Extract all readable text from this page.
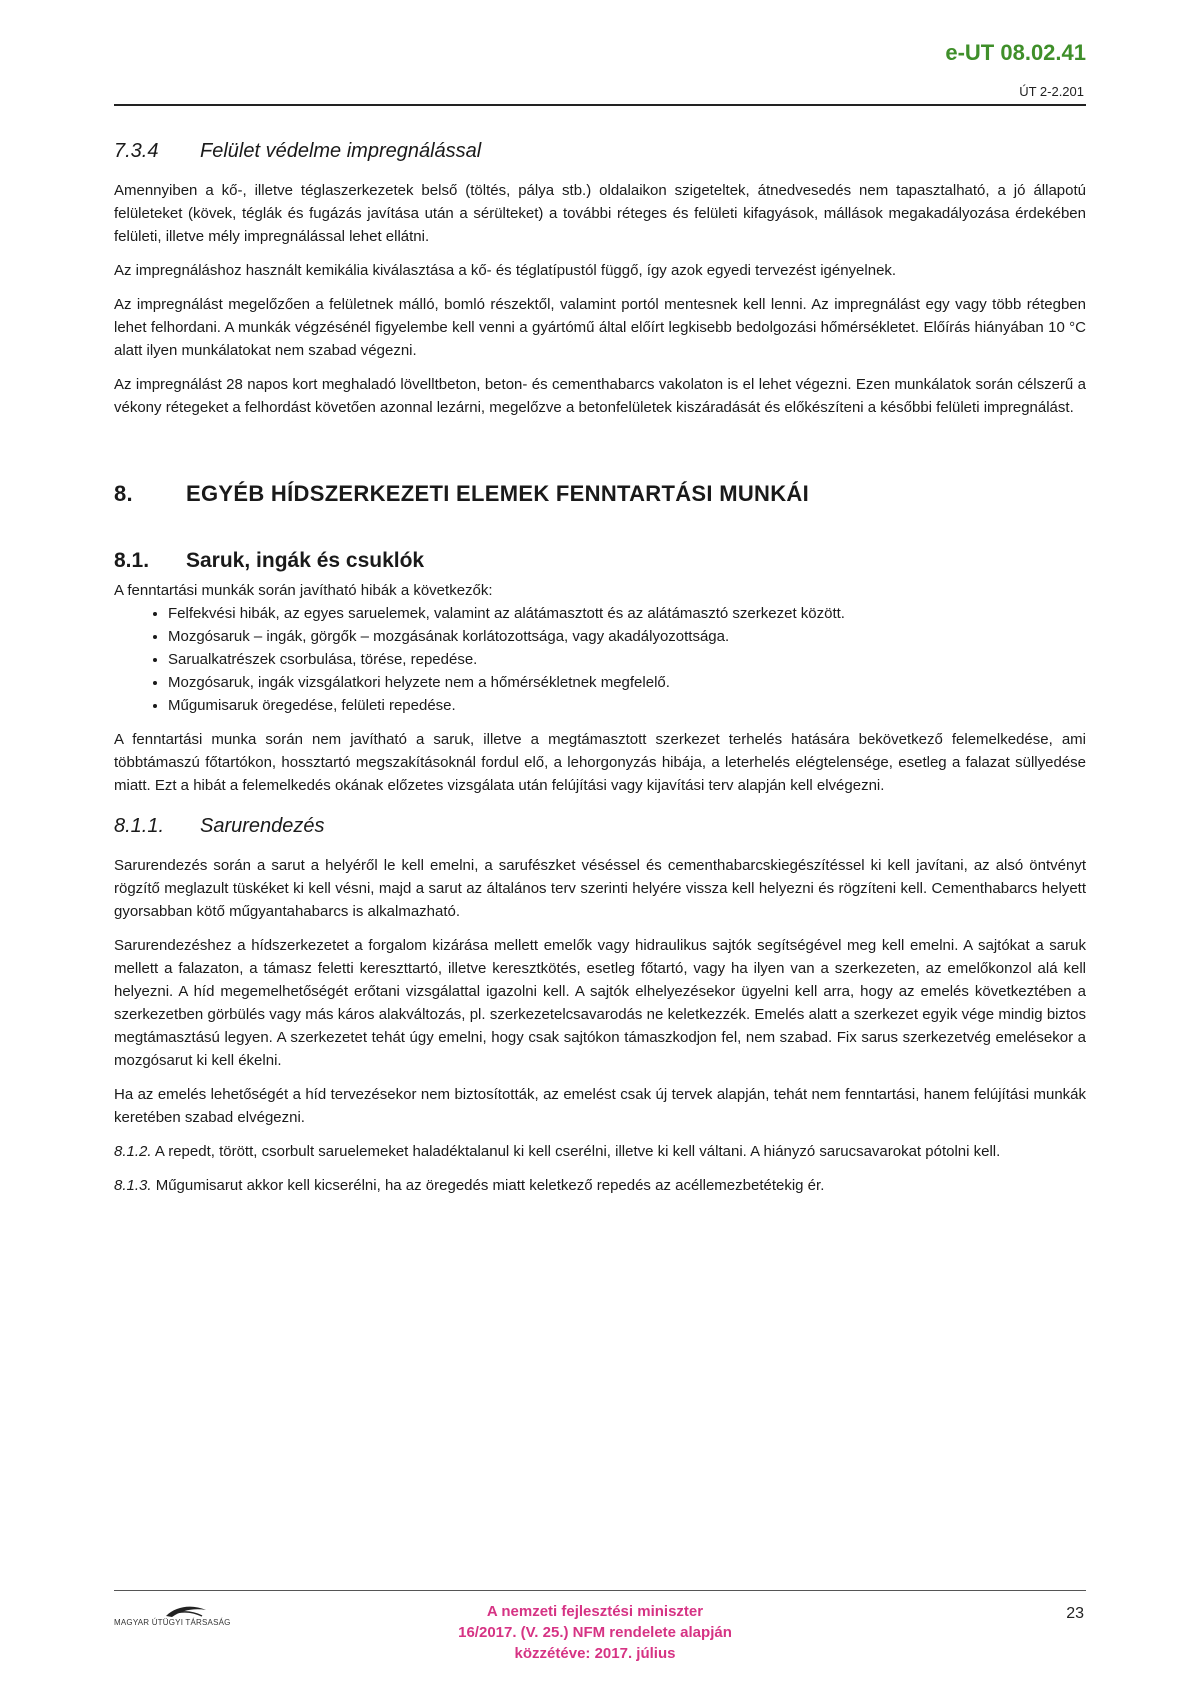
e-UT 08.02.41
ÚT 2-2.201
7.3.4	Felület védelme impregnálással

Amennyiben a kő-, illetve téglaszerkezetek belső (töltés, pálya stb.) oldalaikon szigeteltek, átnedvesedés nem tapasztalható, a jó állapotú felületeket (kövek, téglák és fugázás javítása után a sérülteket) a további réteges és felületi kifagyások, mállások megakadályozása érdekében felületi, illetve mély impregnálással lehet ellátni.

Az impregnáláshoz használt kemikália kiválasztása a kő- és téglatípustól függő, így azok egyedi tervezést igényelnek.

Az impregnálást megelőzően a felületnek málló, bomló részektől, valamint portól mentesnek kell lenni. Az impregnálást egy vagy több rétegben lehet felhordani. A munkák végzésénél figyelembe kell venni a gyártómű által előírt legkisebb bedolgozási hőmérsékletet. Előírás hiányában 10 °C alatt ilyen munkálatokat nem szabad végezni.

Az impregnálást 28 napos kort meghaladó lövelltbeton, beton- és cementhabarcs vakolaton is el lehet végezni. Ezen munkálatok során célszerű a vékony rétegeket a felhordást követően azonnal lezárni, megelőzve a betonfelületek kiszáradását és előkészíteni a későbbi felületi impregnálást.

8.	EGYÉB HÍDSZERKEZETI ELEMEK FENNTARTÁSI MUNKÁI
8.1.	Saruk, ingák és csuklók

A fenntartási munkák során javítható hibák a következők:

• Felfekvési hibák, az egyes saruelemek, valamint az alátámasztott és az alátámasztó szerkezet között.
• Mozgósaruk – ingák, görgők – mozgásának korlátozottsága, vagy akadályozottsága.
• Sarualkatrészek csorbulása, törése, repedése.
• Mozgósaruk, ingák vizsgálatkori helyzete nem a hőmérsékletnek megfelelő.
• Műgumisaruk öregedése, felületi repedése.

A fenntartási munka során nem javítható a saruk, illetve a megtámasztott szerkezet terhelés hatására bekövetkező felemelkedése, ami többtámaszú főtartókon, hossztartó megszakításoknál fordul elő, a lehorgonyzás hibája, a leterhelés elégtelensége, esetleg a falazat süllyedése miatt. Ezt a hibát a felemelkedés okának előzetes vizsgálata után felújítási vagy kijavítási terv alapján kell elvégezni.

8.1.1.	Sarurendezés

Sarurendezés során a sarut a helyéről le kell emelni, a sarufészket véséssel és cementhabarcskiegészítéssel ki kell javítani, az alsó öntvényt rögzítő meglazult tüskéket ki kell vésni, majd a sarut az általános terv szerinti helyére vissza kell helyezni és rögzíteni kell. Cementhabarcs helyett gyorsabban kötő műgyantahabarcs is alkalmazható.

Sarurendezéshez a hídszerkezetet a forgalom kizárása mellett emelők vagy hidraulikus sajtók segítségével meg kell emelni. A sajtókat a saruk mellett a falazaton, a támasz feletti kereszttartó, illetve keresztkötés, esetleg főtartó, vagy ha ilyen van a szerkezeten, az emelőkonzol alá kell helyezni. A híd megemelhetőségét erőtani vizsgálattal igazolni kell. A sajtók elhelyezésekor ügyelni kell arra, hogy az emelés következtében a szerkezetben görbülés vagy más káros alakváltozás, pl. szerkezetelcsavarodás ne keletkezzék. Emelés alatt a szerkezet egyik vége mindig biztos megtámasztású legyen. A szerkezetet tehát úgy emelni, hogy csak sajtókon támaszkodjon fel, nem szabad. Fix sarus szerkezetvég emelésekor a mozgósarut ki kell ékelni.

Ha az emelés lehetőségét a híd tervezésekor nem biztosították, az emelést csak új tervek alapján, tehát nem fenntartási, hanem felújítási munkák keretében szabad elvégezni.

8.1.2. A repedt, törött, csorbult saruelemeket haladéktalanul ki kell cserélni, illetve ki kell váltani. A hiányzó sarucsavarokat pótolni kell.

8.1.3. Műgumisarut akkor kell kicserélni, ha az öregedés miatt keletkező repedés az acéllemezbetétekig ér.

MAGYAR ÚTÜGYI TÁRSASÁG
A nemzeti fejlesztési miniszter
16/2017. (V. 25.) NFM rendelete alapján
közzétéve: 2017. július
23
